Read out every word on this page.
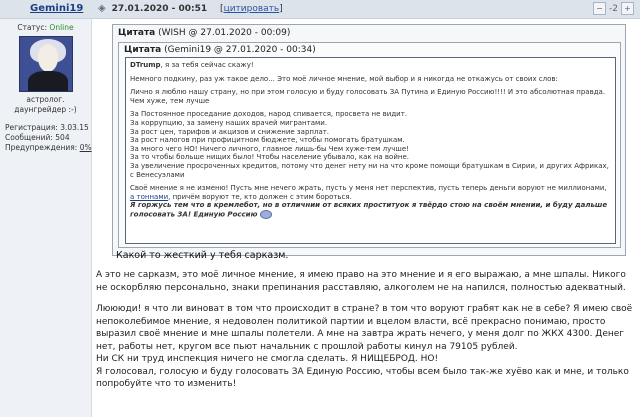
Gemini19 ◈ 27.01.2020 - 00:51 [цитировать]	− -2 +
Статус: Online
астролог. даунгрейдер :-)
Регистрация: 3.03.15
Сообщений: 504
Предупреждения: 0%
Цитата (WISH @ 27.01.2020 - 00:09)
Цитата (Gemini19 @ 27.01.2020 - 00:34)

DTrump, я за тебя сейчас скажу!

Немного подкину, раз уж такое дело... Это моё личное мнение, мой выбор и я никогда не откажусь от своих слов:

Лично я люблю нашу страну, но при этом голосую и буду голосовать ЗА Путина и Единую Россию!!!! И это абсолютная правда. Чем хуже, тем лучше

За Постоянное проседание доходов, народ спивается, просвета не видит.
За коррупцию, за замену наших врачей мигрантами.
За рост цен, тарифов и акцизов и снижение зарплат.
За рост налогов при профицитном бюджете, чтобы помогать братушкам.
За много чего НО! Ничего личного, главное лишь-бы Чем хуже-тем лучше!
За то чтобы больше нищих было! Чтобы население убывало, как на войне.
За увеличение просроченных кредитов, потому что денег нету ни на что кроме помощи братушкам в Сирии, и других Африках, с Венесуэлами

Своё мнение я не изменю! Пусть мне нечего жрать, пусть у меня нет перспектив, пусть теперь деньги воруют не миллионами, а тоннами, причём воруют те, кто должен с этим бороться.
Я горжусь тем что в кремлебот, но в отличнии от всяких проституок я твёрдо стою на своём мнении, и буду дальше голосовать ЗА! Единую Россию

Какой то жесткий у тебя сарказм.

А это не сарказм, это моё личное мнение, я имею право на это мнение и я его выражаю, а мне шпалы. Никого не оскорбляю персонально, знаки препинания расставляю, алкоголем не на напился, полностью адекватный.

Люююди! я что ли виноват в том что происходит в стране? в том что воруют грабят как не в себе? Я имею своё непоколебимое мнение, я недоволен политикой партии и вцелом власти, всё прекрасно понимаю, просто выразил своё мнение и мне шпалы полетели. А мне на завтра жрать нечего, у меня долг по ЖКХ 4300. Денег нет, работы нет, кругом все пьют начальник с прошлой работы кинул на 79105 рублей.

Ни СК ни труд инспекция ничего не смогла сделать. Я НИЩЕБРОД. НО!

Я голосовал, голосую и буду голосовать ЗА Единую Россию, чтобы всем было так-же хуёво как и мне, и только попробуйте что то изменить!
